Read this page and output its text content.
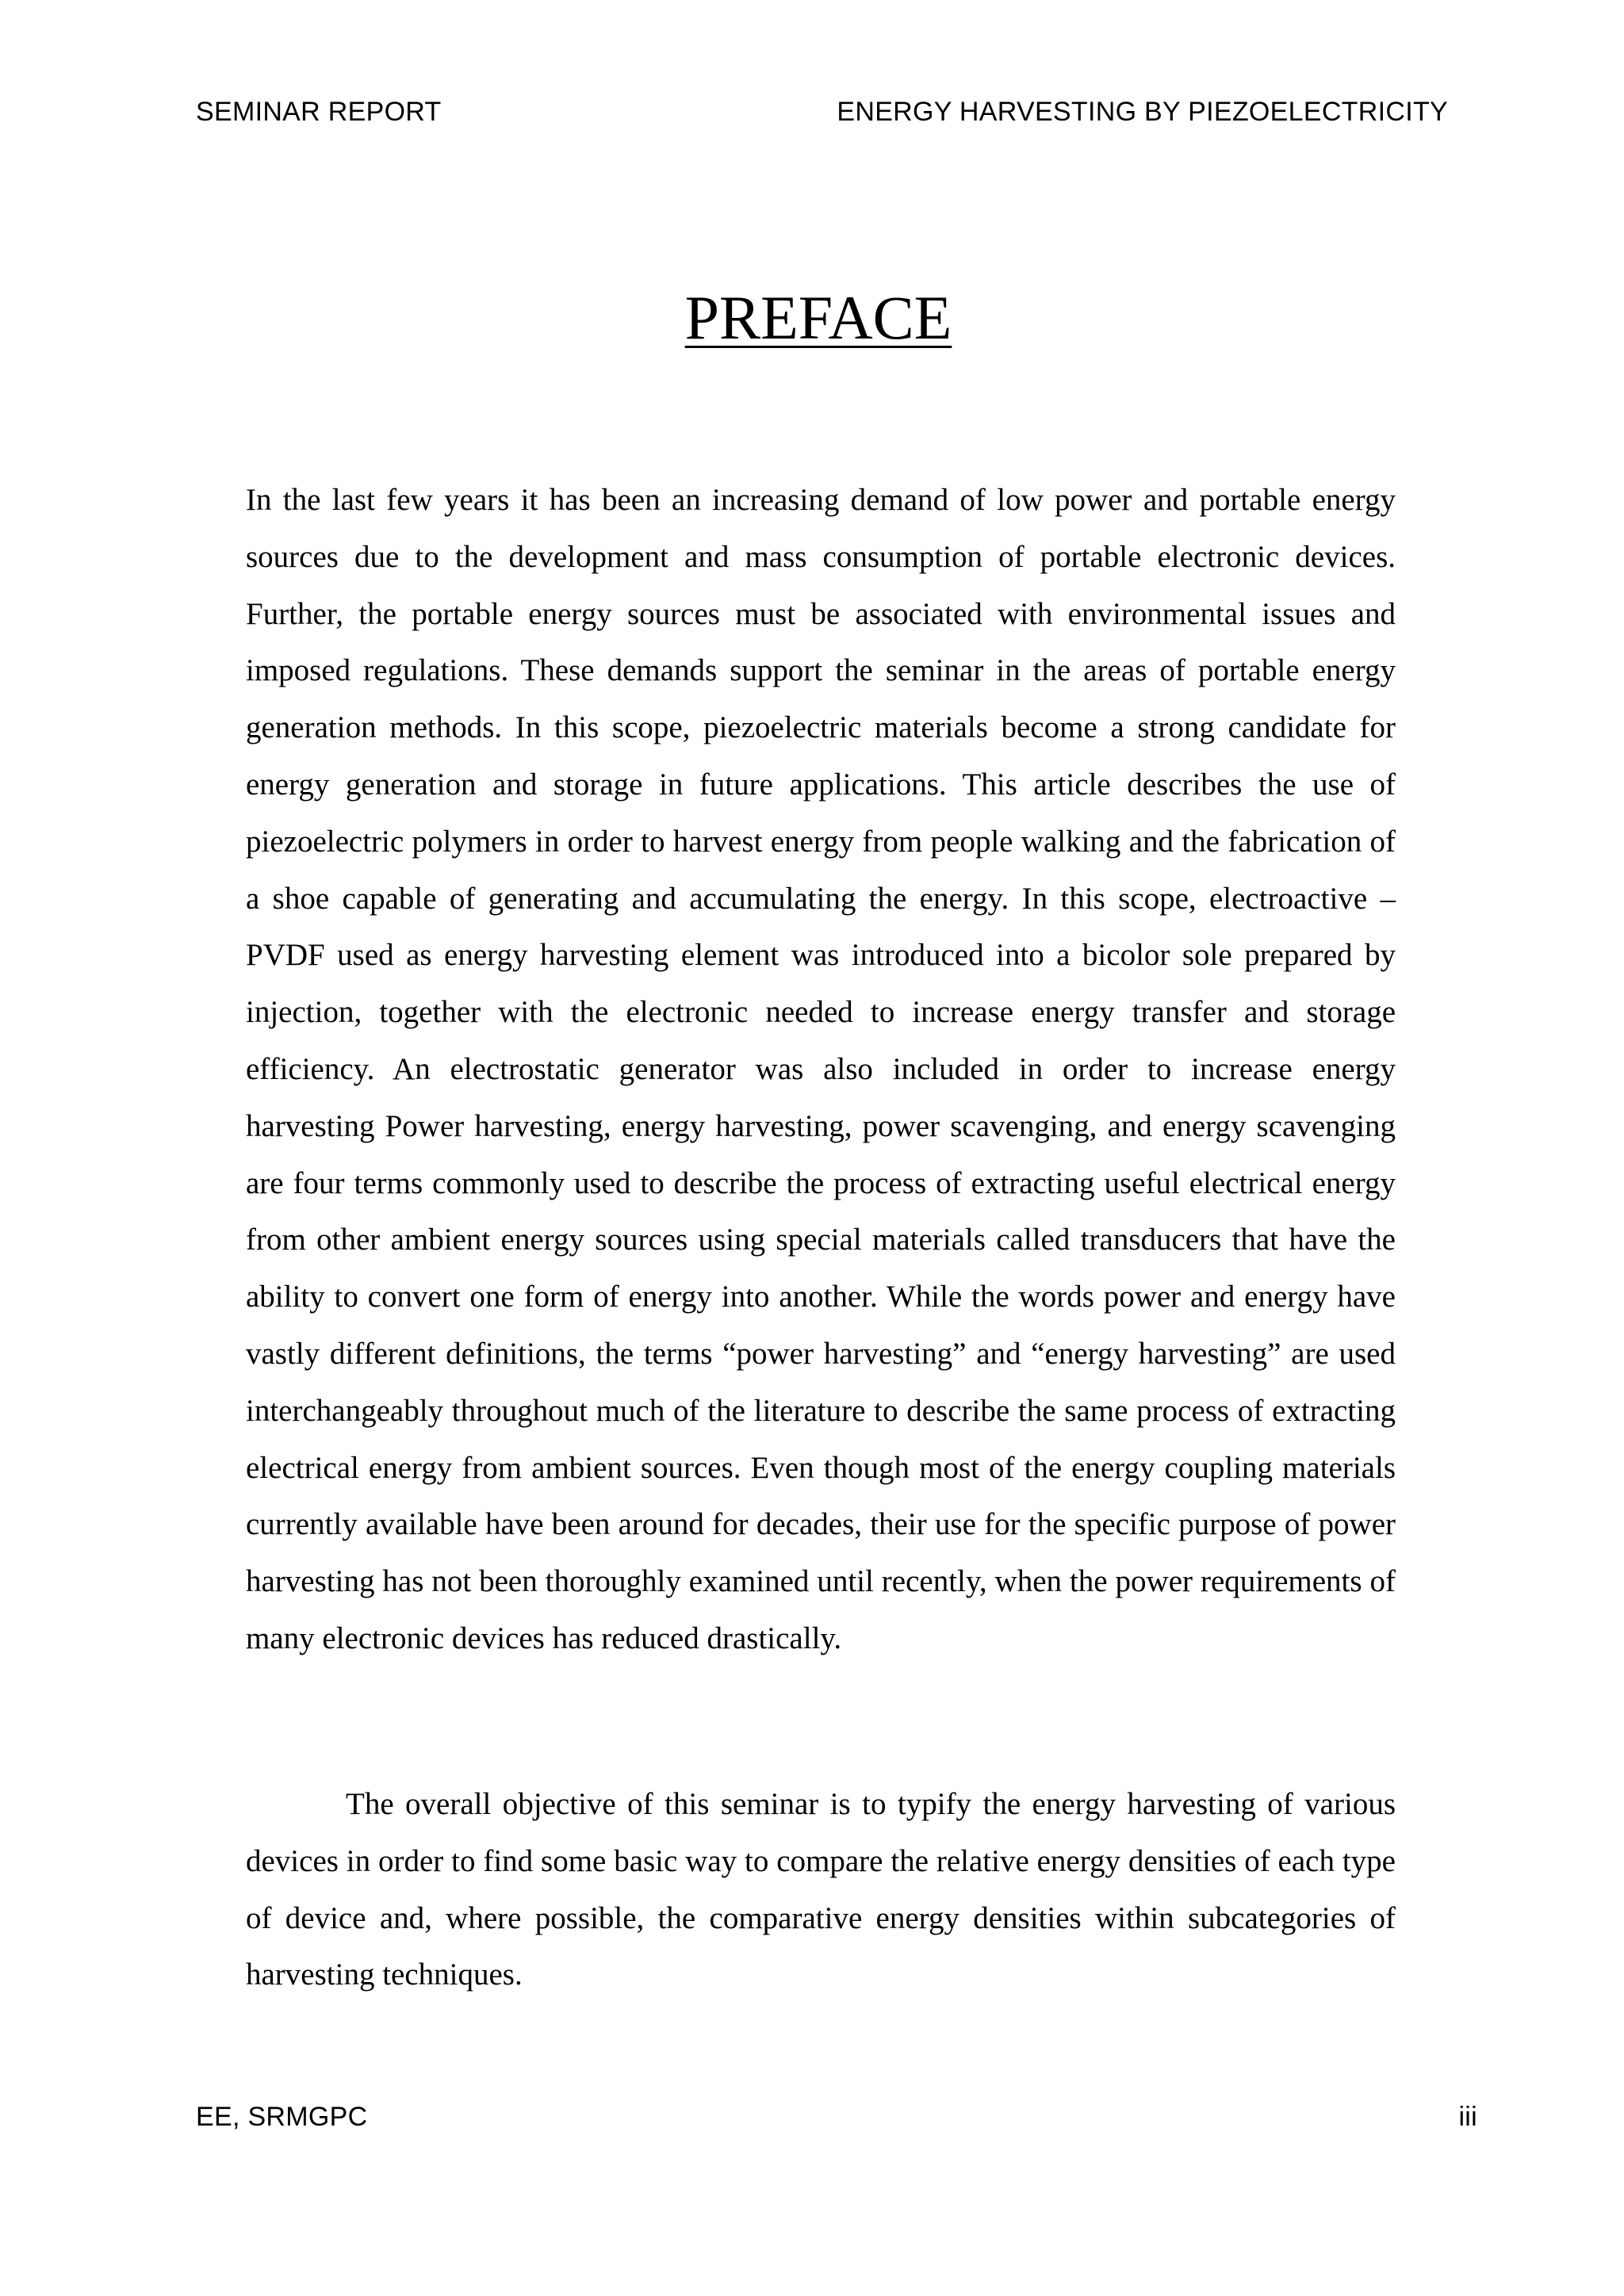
SEMINAR REPORT	ENERGY HARVESTING BY PIEZOELECTRICITY
PREFACE

In the last few years it has been an increasing demand of low power and portable energy sources due to the development and mass consumption of portable electronic devices. Further, the portable energy sources must be associated with environmental issues and imposed regulations. These demands support the seminar in the areas of portable energy generation methods. In this scope, piezoelectric materials become a strong candidate for energy generation and storage in future applications. This article describes the use of piezoelectric polymers in order to harvest energy from people walking and the fabrication of a shoe capable of generating and accumulating the energy. In this scope, electroactive –PVDF used as energy harvesting element was introduced into a bicolor sole prepared by injection, together with the electronic needed to increase energy transfer and storage efficiency. An electrostatic generator was also included in order to increase energy harvesting Power harvesting, energy harvesting, power scavenging, and energy scavenging are four terms commonly used to describe the process of extracting useful electrical energy from other ambient energy sources using special materials called transducers that have the ability to convert one form of energy into another. While the words power and energy have vastly different definitions, the terms “power harvesting” and “energy harvesting” are used interchangeably throughout much of the literature to describe the same process of extracting electrical energy from ambient sources. Even though most of the energy coupling materials currently available have been around for decades, their use for the specific purpose of power harvesting has not been thoroughly examined until recently, when the power requirements of many electronic devices has reduced drastically.

The overall objective of this seminar is to typify the energy harvesting of various devices in order to find some basic way to compare the relative energy densities of each type of device and, where possible, the comparative energy densities within subcategories of harvesting techniques.

EE, SRMGPC	iii
